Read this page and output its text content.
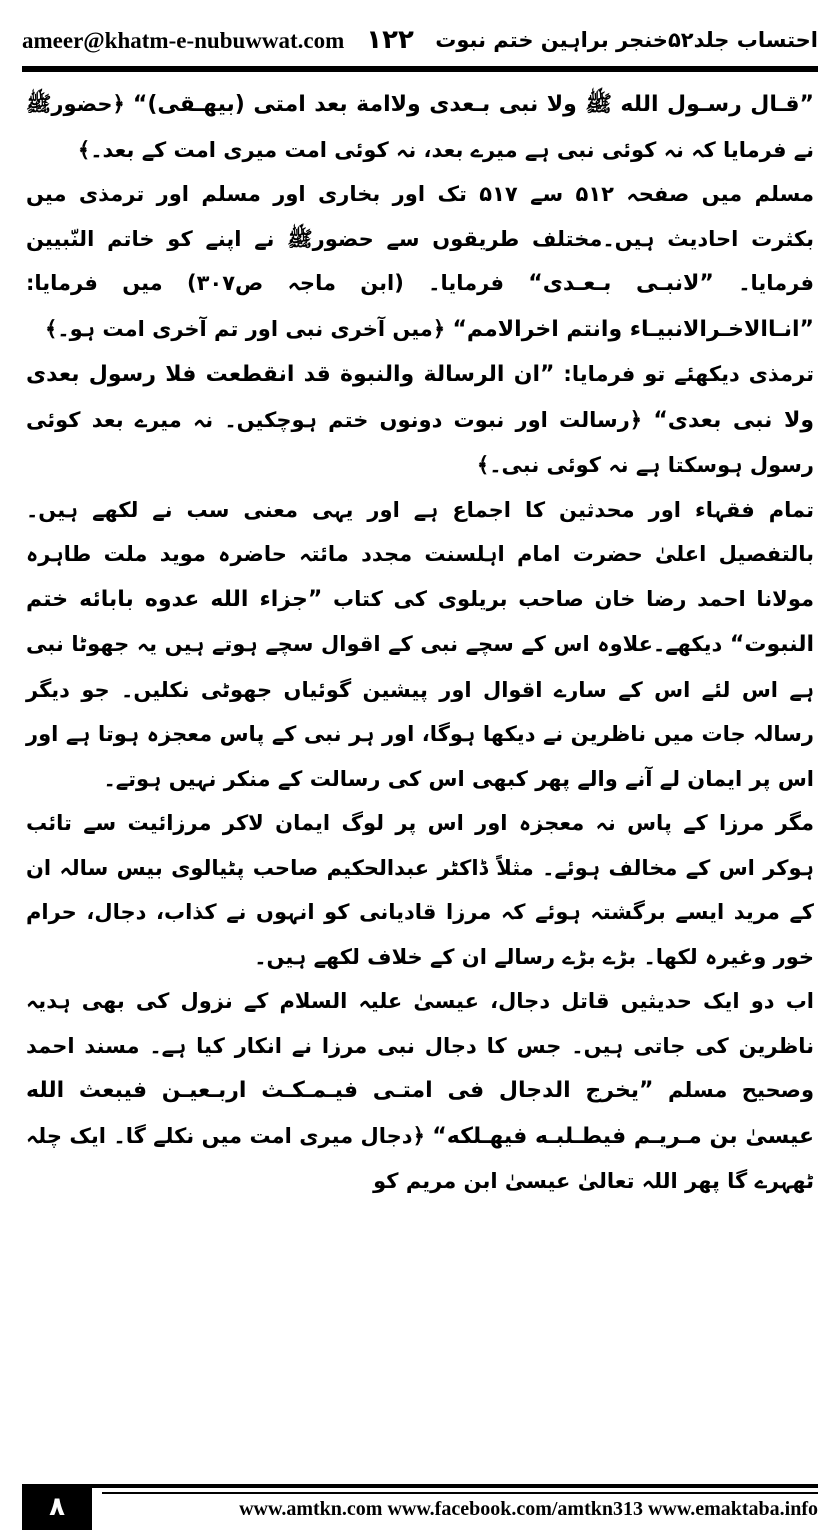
ameer@khatm-e-nubuwwat.com ۱۲۲ احتساب جلد۵۲خنجر براہین ختم نبوت

”قـال رسـول الله ﷺ ولا نبی بـعدی ولاامة بعد امتی (بیهـقی)“ ﴿حضورﷺ نے فرمایا کہ نہ کوئی نبی ہے میرے بعد، نہ کوئی امت میری امت کے بعد۔﴾

مسلم میں صفحہ ۵۱۲ سے ۵۱۷ تک اور بخاری اور مسلم اور ترمذی میں بکثرت احادیث ہیں۔مختلف طریقوں سے حضورﷺ نے اپنے کو خاتم النّبیین فرمایا۔ ”لانبـی بـعـدی“ فرمایا۔ (ابن ماجہ ص۳۰۷) میں فرمایا: ”انـاالاخـرالانبیـاء وانتم اخرالامم“ ﴿میں آخری نبی اور تم آخری امت ہو۔﴾

ترمذی دیکھئے تو فرمایا: ”ان الرسالة والنبوة قد انقطعت فلا رسول بعدی ولا نبی بعدی“ ﴿رسالت اور نبوت دونوں ختم ہوچکیں۔ نہ میرے بعد کوئی رسول ہوسکتا ہے نہ کوئی نبی۔﴾

تمام فقہاء اور محدثین کا اجماع ہے اور یہی معنی سب نے لکھے ہیں۔ بالتفصیل اعلیٰ حضرت امام اہلسنت مجدد مائتہ حاضرہ موید ملت طاہرہ مولانا احمد رضا خان صاحب بریلوی کی کتاب ”جزاء الله عدوه بابائه ختم النبوت“ دیکھے۔علاوہ اس کے سچے نبی کے اقوال سچے ہوتے ہیں یہ جھوٹا نبی ہے اس لئے اس کے سارے اقوال اور پیشین گوئیاں جھوٹی نکلیں۔ جو دیگر رسالہ جات میں ناظرین نے دیکھا ہوگا، اور ہر نبی کے پاس معجزہ ہوتا ہے اور اس پر ایمان لے آنے والے پھر کبھی اس کی رسالت کے منکر نہیں ہوتے۔

مگر مرزا کے پاس نہ معجزہ اور اس پر لوگ ایمان لاکر مرزائیت سے تائب ہوکر اس کے مخالف ہوئے۔ مثلاً ڈاکٹر عبدالحکیم صاحب پٹیالوی بیس سالہ ان کے مرید ایسے برگشتہ ہوئے کہ مرزا قادیانی کو انہوں نے کذاب، دجال، حرام خور وغیرہ لکھا۔ بڑے بڑے رسالے ان کے خلاف لکھے ہیں۔

اب دو ایک حدیثیں قاتل دجال، عیسیٰ علیہ السلام کے نزول کی بھی ہدیہ ناظرین کی جاتی ہیں۔ جس کا دجال نبی مرزا نے انکار کیا ہے۔ مسند احمد وصحیح مسلم ”یخرج الدجال فی امتـی فیـمـكـث اربـعیـن فیبعث الله عیسیٰ بن مـریـم فیطـلبـه فیهـلکه“ ﴿دجال میری امت میں نکلے گا۔ ایک چلہ ٹھہرے گا پھر اللہ تعالیٰ عیسیٰ ابن مریم کو

۸	www.amtkn.com www.facebook.com/amtkn313 www.emaktaba.info
